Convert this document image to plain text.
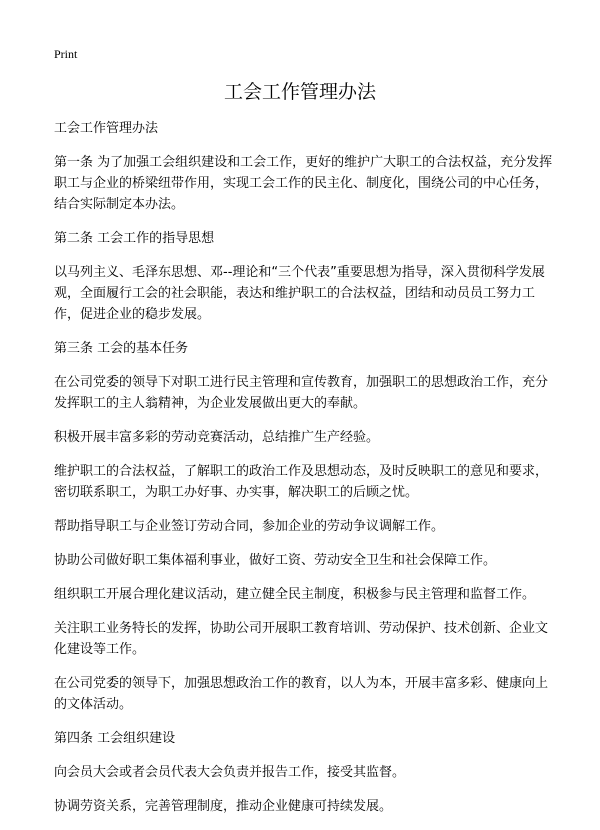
Print
工会工作管理办法

工会工作管理办法

第一条 为了加强工会组织建设和工会工作，更好的维护广大职工的合法权益，充分发挥职工与企业的桥梁纽带作用，实现工会工作的民主化、制度化，围绕公司的中心任务，结合实际制定本办法。

第二条 工会工作的指导思想

以马列主义、毛泽东思想、邓--理论和“三个代表”重要思想为指导，深入贯彻科学发展观，全面履行工会的社会职能，表达和维护职工的合法权益，团结和动员员工努力工作，促进企业的稳步发展。

第三条 工会的基本任务

在公司党委的领导下对职工进行民主管理和宣传教育，加强职工的思想政治工作，充分发挥职工的主人翁精神，为企业发展做出更大的奉献。

积极开展丰富多彩的劳动竞赛活动，总结推广生产经验。

维护职工的合法权益，了解职工的政治工作及思想动态，及时反映职工的意见和要求，密切联系职工，为职工办好事、办实事，解决职工的后顾之忧。

帮助指导职工与企业签订劳动合同，参加企业的劳动争议调解工作。

协助公司做好职工集体福利事业，做好工资、劳动安全卫生和社会保障工作。

组织职工开展合理化建议活动，建立健全民主制度，积极参与民主管理和监督工作。

关注职工业务特长的发挥，协助公司开展职工教育培训、劳动保护、技术创新、企业文化建设等工作。

在公司党委的领导下，加强思想政治工作的教育，以人为本，开展丰富多彩、健康向上的文体活动。

第四条 工会组织建设

向会员大会或者会员代表大会负责并报告工作，接受其监督。

协调劳资关系，完善管理制度，推动企业健康可持续发展。
